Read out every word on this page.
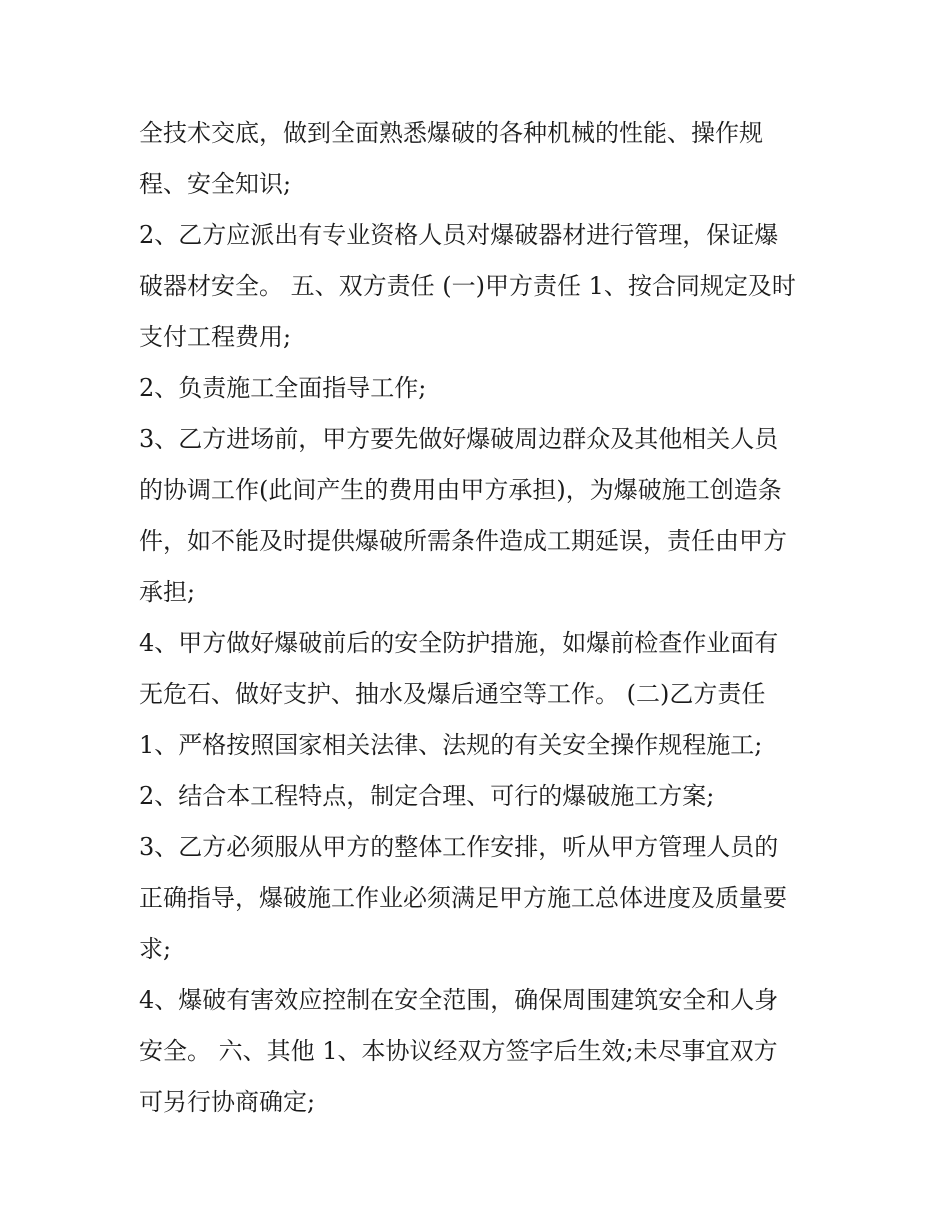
全技术交底，做到全面熟悉爆破的各种机械的性能、操作规
程、安全知识;
2、乙方应派出有专业资格人员对爆破器材进行管理，保证爆
破器材安全。 五、双方责任 (一)甲方责任 1、按合同规定及时
支付工程费用;
2、负责施工全面指导工作;
3、乙方进场前，甲方要先做好爆破周边群众及其他相关人员
的协调工作(此间产生的费用由甲方承担)，为爆破施工创造条
件，如不能及时提供爆破所需条件造成工期延误，责任由甲方
承担;
4、甲方做好爆破前后的安全防护措施，如爆前检查作业面有
无危石、做好支护、抽水及爆后通空等工作。 (二)乙方责任
1、严格按照国家相关法律、法规的有关安全操作规程施工;
2、结合本工程特点，制定合理、可行的爆破施工方案;
3、乙方必须服从甲方的整体工作安排，听从甲方管理人员的
正确指导，爆破施工作业必须满足甲方施工总体进度及质量要
求;
4、爆破有害效应控制在安全范围，确保周围建筑安全和人身
安全。 六、其他 1、本协议经双方签字后生效;未尽事宜双方
可另行协商确定;
